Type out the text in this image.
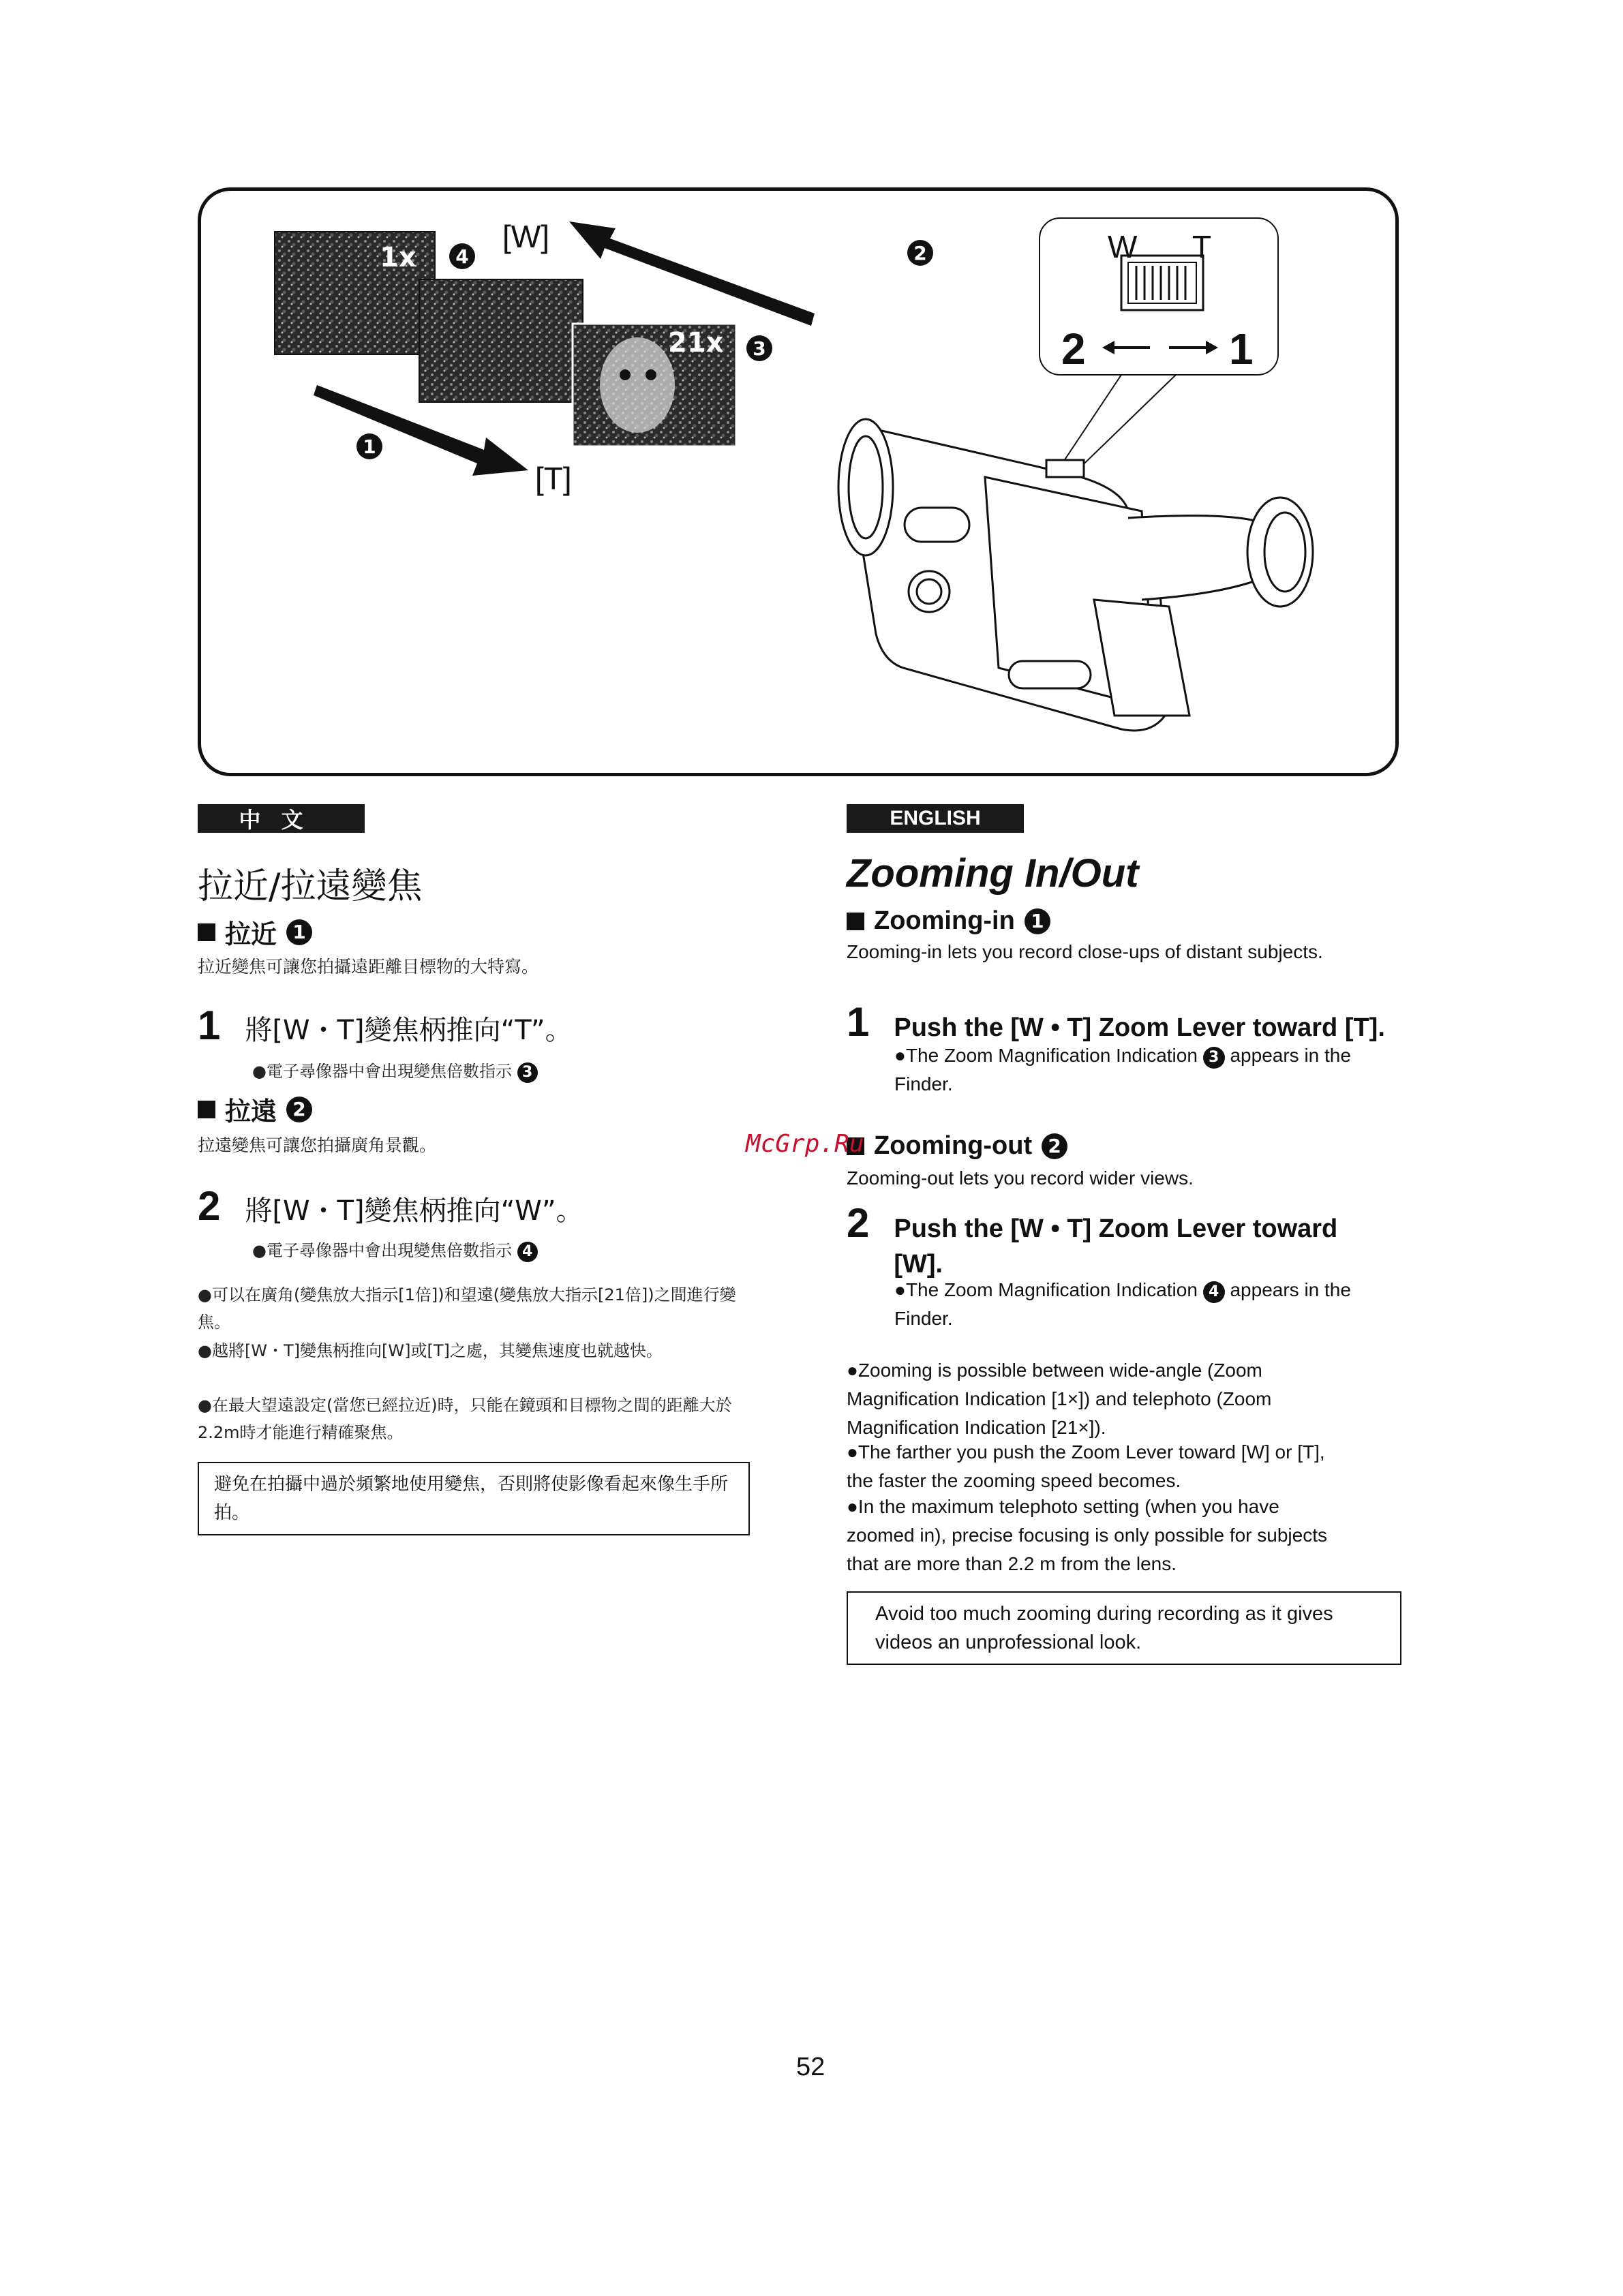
[W]
[T]
1x
21x
4	2
3
1
W T
2	1
中文
拉近/拉遠變焦
拉近 1
拉近變焦可讓您拍攝遠距離目標物的大特寫。
1 將[W・T]變焦柄推向“T”。
●電子尋像器中會出現變焦倍數指示 3
拉遠 2
拉遠變焦可讓您拍攝廣角景觀。
2 將[W・T]變焦柄推向“W”。
●電子尋像器中會出現變焦倍數指示 4
●可以在廣角(變焦放大指示[1倍])和望遠(變焦放大指示[21倍])之間進行變焦。
●越將[W・T]變焦柄推向[W]或[T]之處，其變焦速度也就越快。
●在最大望遠設定(當您已經拉近)時，只能在鏡頭和目標物之間的距離大於2.2m時才能進行精確聚焦。
避免在拍攝中過於頻繁地使用變焦，否則將使影像看起來像生手所拍。
ENGLISH
Zooming In/Out
Zooming-in 1
Zooming-in lets you record close-ups of distant subjects.
1 Push the [W • T] Zoom Lever toward [T].
●The Zoom Magnification Indication 3 appears in the Finder.
Zooming-out 2
Zooming-out lets you record wider views.
2 Push the [W • T] Zoom Lever toward [W].
●The Zoom Magnification Indication 4 appears in the Finder.
●Zooming is possible between wide-angle (Zoom Magnification Indication [1×]) and telephoto (Zoom Magnification Indication [21×]).
●The farther you push the Zoom Lever toward [W] or [T], the faster the zooming speed becomes.
●In the maximum telephoto setting (when you have zoomed in), precise focusing is only possible for subjects that are more than 2.2 m from the lens.
Avoid too much zooming during recording as it gives videos an unprofessional look.
McGrp.Ru
52
